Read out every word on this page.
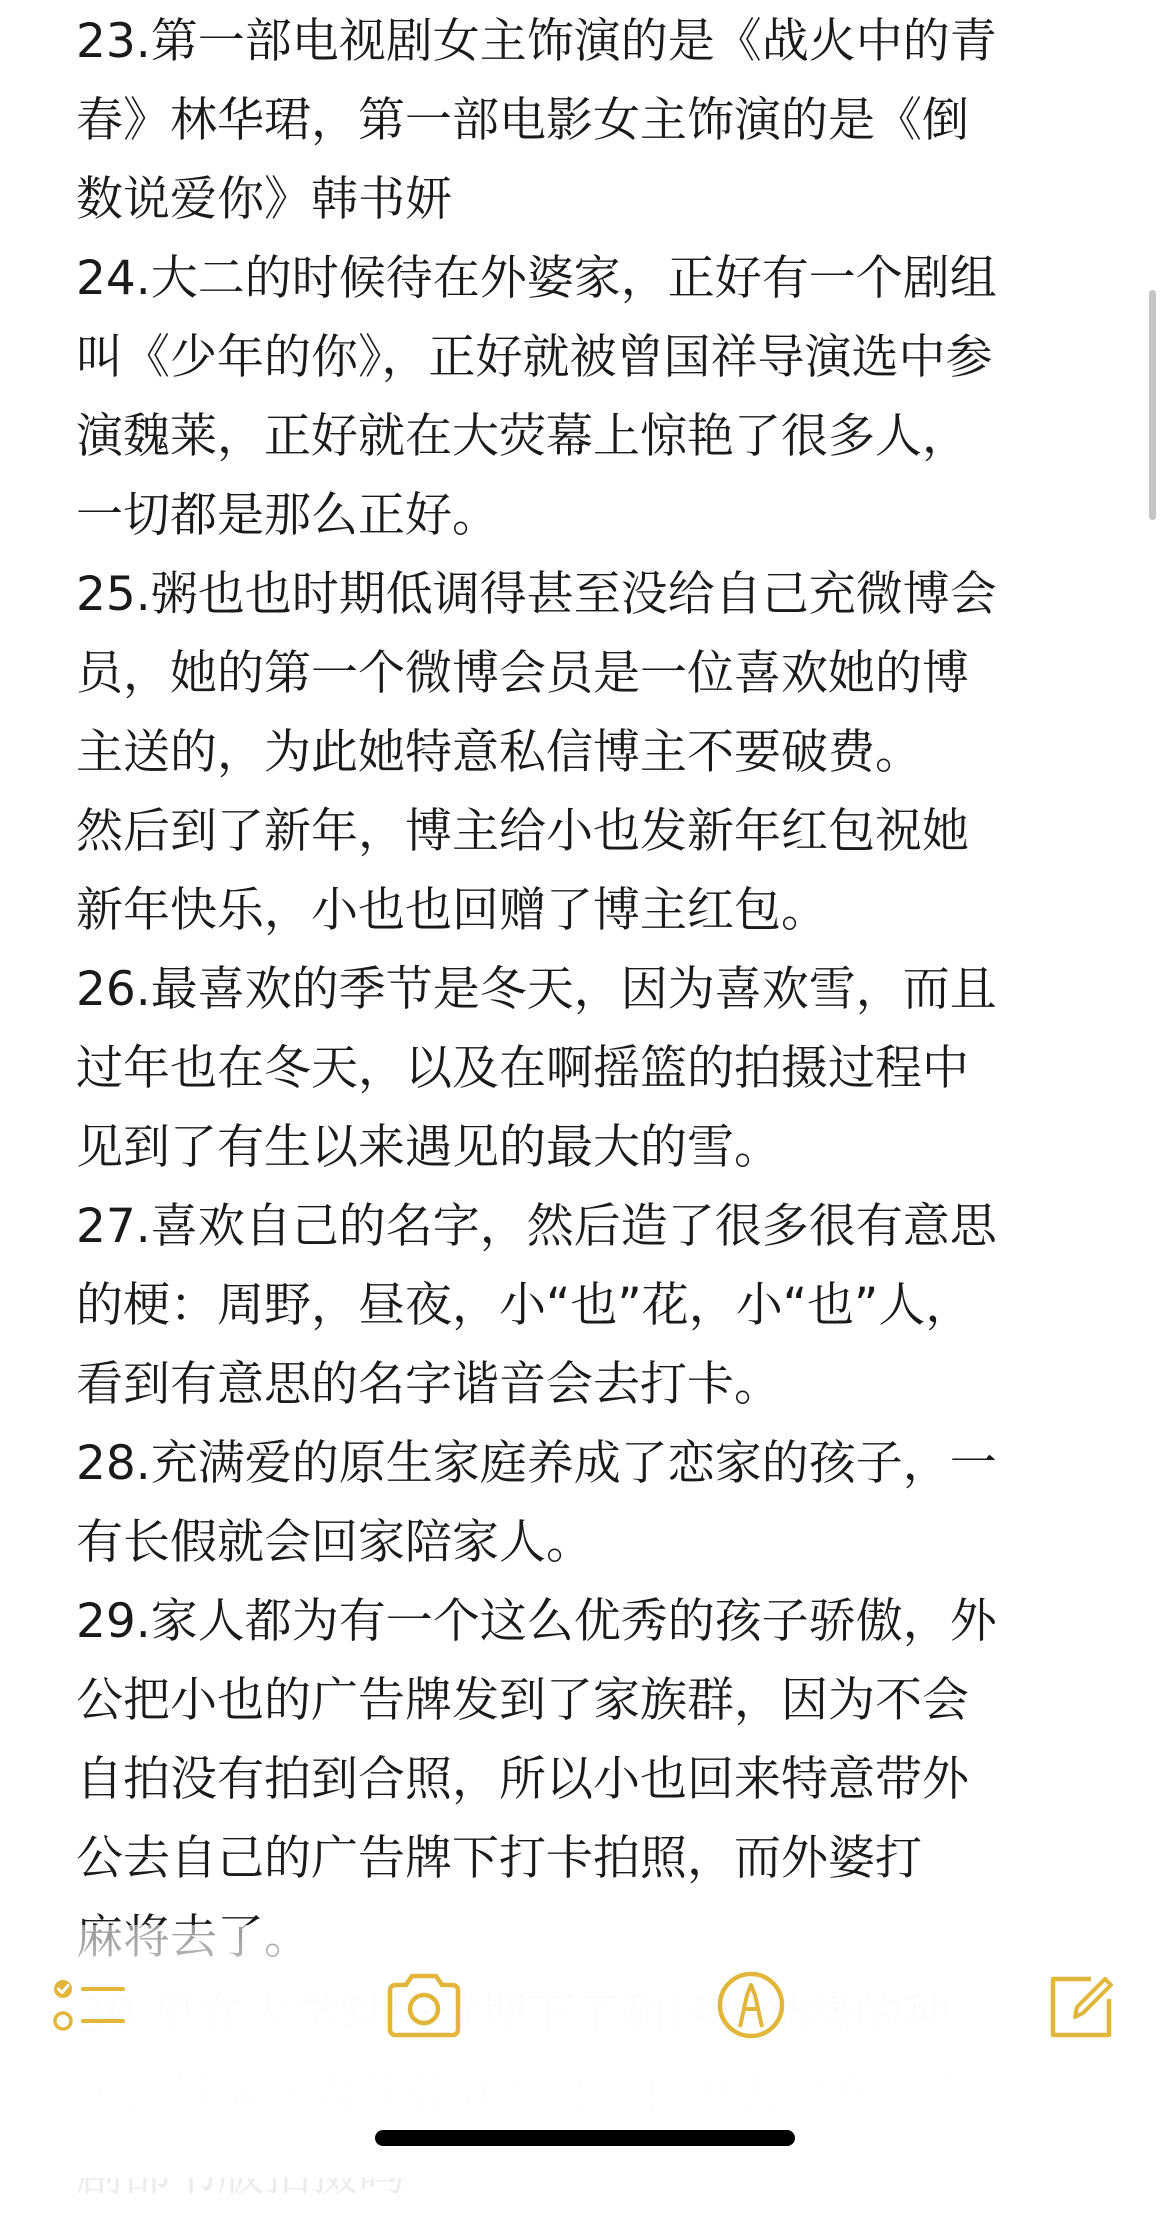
23.第一部电视剧女主饰演的是《战火中的青
春》林华珺，第一部电影女主饰演的是《倒
数说爱你》韩书妍
24.大二的时候待在外婆家，正好有一个剧组
叫《少年的你》，正好就被曾国祥导演选中参
演魏莱，正好就在大荧幕上惊艳了很多人，
一切都是那么正好。
25.粥也也时期低调得甚至没给自己充微博会
员，她的第一个微博会员是一位喜欢她的博
主送的，为此她特意私信博主不要破费。
然后到了新年，博主给小也发新年红包祝她
新年快乐，小也也回赠了博主红包。
26.最喜欢的季节是冬天，因为喜欢雪，而且
过年也在冬天，以及在啊摇篮的拍摄过程中
见到了有生以来遇见的最大的雪。
27.喜欢自己的名字，然后造了很多很有意思
的梗：周野，昼夜，小“也”花，小“也”人，
看到有意思的名字谐音会去打卡。
28.充满爱的原生家庭养成了恋家的孩子，一
有长假就会回家陪家人。
29.家人都为有一个这么优秀的孩子骄傲，外
公把小也的广告牌发到了家族群，因为不会
自拍没有拍到合照，所以小也回来特意带外
公去自己的广告牌下打卡拍照，而外婆打
